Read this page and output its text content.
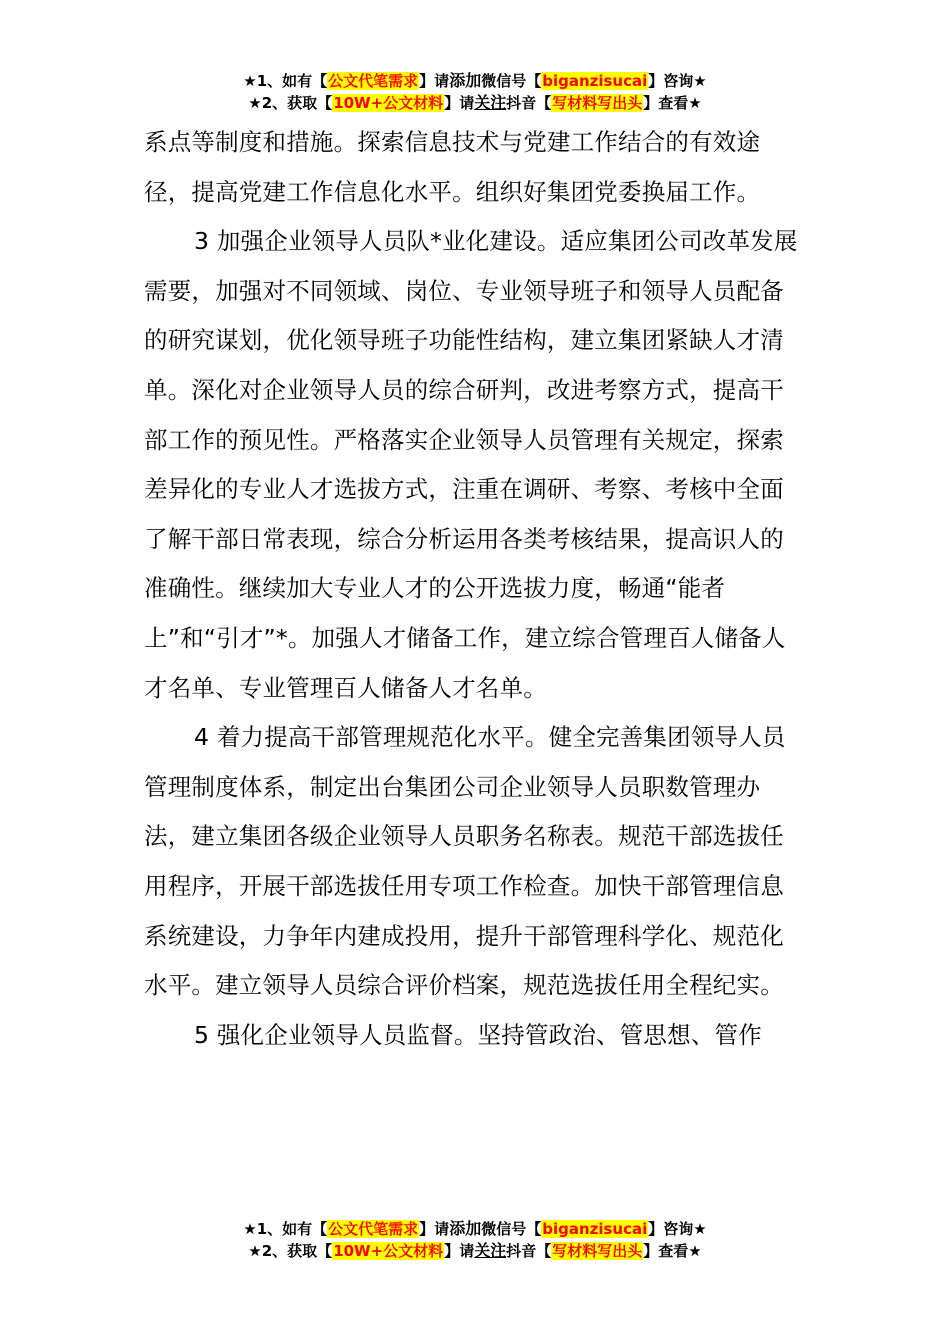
★1、如有【公文代笔需求】请添加微信号【biganzisucai】咨询★
★2、获取【10W+公文材料】请关注抖音【写材料写出头】查看★

系点等制度和措施。探索信息技术与党建工作结合的有效途径，提高党建工作信息化水平。组织好集团党委换届工作。

3 加强企业领导人员队*业化建设。适应集团公司改革发展需要，加强对不同领域、岗位、专业领导班子和领导人员配备的研究谋划，优化领导班子功能性结构，建立集团紧缺人才清单。深化对企业领导人员的综合研判，改进考察方式，提高干部工作的预见性。严格落实企业领导人员管理有关规定，探索差异化的专业人才选拔方式，注重在调研、考察、考核中全面了解干部日常表现，综合分析运用各类考核结果，提高识人的准确性。继续加大专业人才的公开选拔力度，畅通“能者上”和“引才”*。加强人才储备工作，建立综合管理百人储备人才名单、专业管理百人储备人才名单。

4 着力提高干部管理规范化水平。健全完善集团领导人员管理制度体系，制定出台集团公司企业领导人员职数管理办法，建立集团各级企业领导人员职务名称表。规范干部选拔任用程序，开展干部选拔任用专项工作检查。加快干部管理信息系统建设，力争年内建成投用，提升干部管理科学化、规范化水平。建立领导人员综合评价档案，规范选拔任用全程纪实。

5 强化企业领导人员监督。坚持管政治、管思想、管作

★1、如有【公文代笔需求】请添加微信号【biganzisucai】咨询★
★2、获取【10W+公文材料】请关注抖音【写材料写出头】查看★
